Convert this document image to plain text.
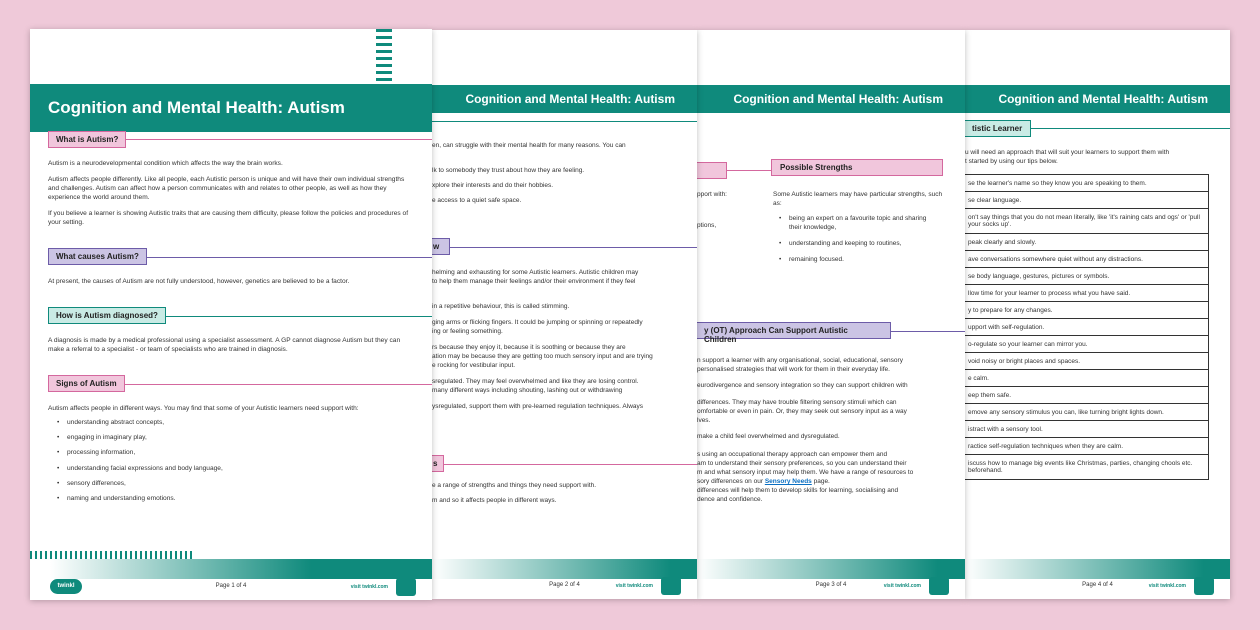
Cognition and Mental Health: Autism
tistic Learner
u will need an approach that will suit your learners to support them with
t started by using our tips below.
se the learner's name so they know you are speaking to them.
se clear language.
on't say things that you do not mean literally, like 'it's raining cats and ogs' or 'pull your socks up'.
peak clearly and slowly.
ave conversations somewhere quiet without any distractions.
se body language, gestures, pictures or symbols.
llow time for your learner to process what you have said.
y to prepare for any changes.
upport with self-regulation.
o-regulate so your learner can mirror you.
void noisy or bright places and spaces.
e calm.
eep them safe.
emove any sensory stimulus you can, like turning bright lights down.
istract with a sensory tool.
ractice self-regulation techniques when they are calm.
iscuss how to manage big events like Christmas, parties, changing chools etc. beforehand.
Page 4 of 4	visit twinkl.com
Cognition and Mental Health: Autism
Possible Strengths
pport with:
ptions,
Some Autistic learners may have particular strengths, such as:
•	being an expert on a favourite topic and sharing their knowledge,
•	understanding and keeping to routines,
•	remaining focused.
y (OT) Approach Can Support Autistic Children
n support a learner with any organisational, social, educational, sensory
personalised strategies that will work for them in their everyday life.
eurodivergence and sensory integration so they can support children with
differences. They may have trouble filtering sensory stimuli which can
omfortable or even in pain. Or, they may seek out sensory input as a way
lves.
make a child feel overwhelmed and dysregulated.
s using an occupational therapy approach can empower them and
am to understand their sensory preferences, so you can understand their
m and what sensory input may help them. We have a range of resources to
sory differences on our Sensory Needs page.
differences will help them to develop skills for learning, socialising and
dence and confidence.
Page 3 of 4	visit twinkl.com
Cognition and Mental Health: Autism
en, can struggle with their mental health for many reasons. You can
lk to somebody they trust about how they are feeling.
xplore their interests and do their hobbies.
e access to a quiet safe space.
w
helming and exhausting for some Autistic learners. Autistic children may
to help them manage their feelings and/or their environment if they feel
in a repetitive behaviour, this is called stimming.
ging arms or flicking fingers. It could be jumping or spinning or repeatedly
ing or feeling something.
rs because they enjoy it, because it is soothing or because they are
ation may be because they are getting too much sensory input and are trying
e rocking for vestibular input.
sregulated. They may feel overwhelmed and like they are losing control.
many different ways including shouting, lashing out or withdrawing
ysregulated, support them with pre-learned regulation techniques. Always
s
e a range of strengths and things they need support with.
m and so it affects people in different ways.
Page 2 of 4	visit twinkl.com
Cognition and Mental Health: Autism
What is Autism?
Autism is a neurodevelopmental condition which affects the way the brain works.
Autism affects people differently. Like all people, each Autistic person is unique and will have their own individual strengths and challenges. Autism can affect how a person communicates with and relates to other people, as well as how they experience the world around them.
If you believe a learner is showing Autistic traits that are causing them difficulty, please follow the policies and procedures of your setting.
What causes Autism?
At present, the causes of Autism are not fully understood, however, genetics are believed to be a factor.
How is Autism diagnosed?
A diagnosis is made by a medical professional using a specialist assessment. A GP cannot diagnose Autism but they can make a referral to a specialist - or team of specialists who are trained in diagnosis.
Signs of Autism
Autism affects people in different ways. You may find that some of your Autistic learners need support with:
• understanding abstract concepts,
• engaging in imaginary play,
• processing information,
• understanding facial expressions and body language,
• sensory differences,
• naming and understanding emotions.
twinkl	Page 1 of 4	visit twinkl.com
